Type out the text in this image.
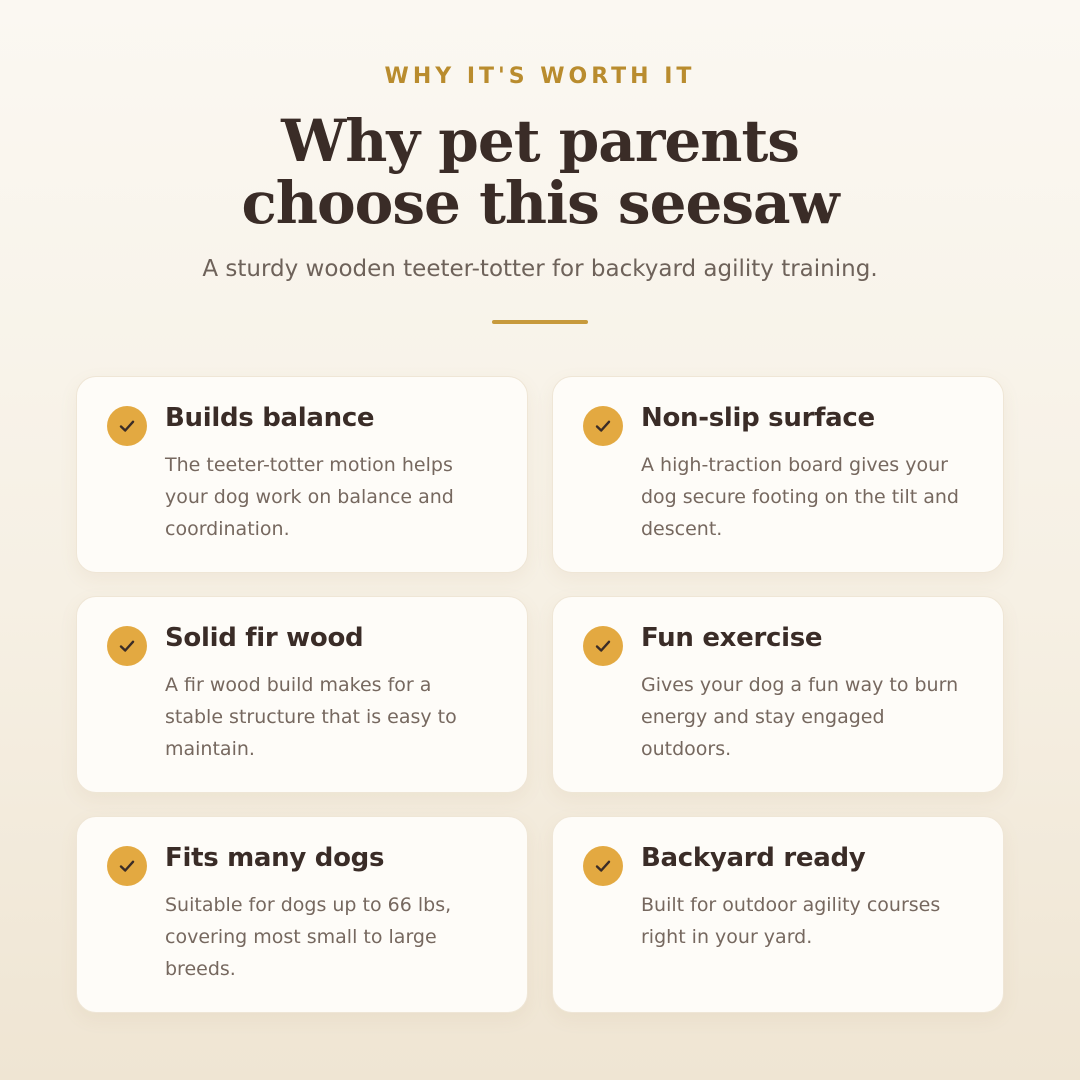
WHY IT'S WORTH IT
Why pet parents
choose this seesaw
A sturdy wooden teeter-totter for backyard agility training.
Builds balance
The teeter-totter motion helps your dog work on balance and coordination.
Non-slip surface
A high-traction board gives your dog secure footing on the tilt and descent.
Solid fir wood
A fir wood build makes for a stable structure that is easy to maintain.
Fun exercise
Gives your dog a fun way to burn energy and stay engaged outdoors.
Fits many dogs
Suitable for dogs up to 66 lbs, covering most small to large breeds.
Backyard ready
Built for outdoor agility courses right in your yard.
